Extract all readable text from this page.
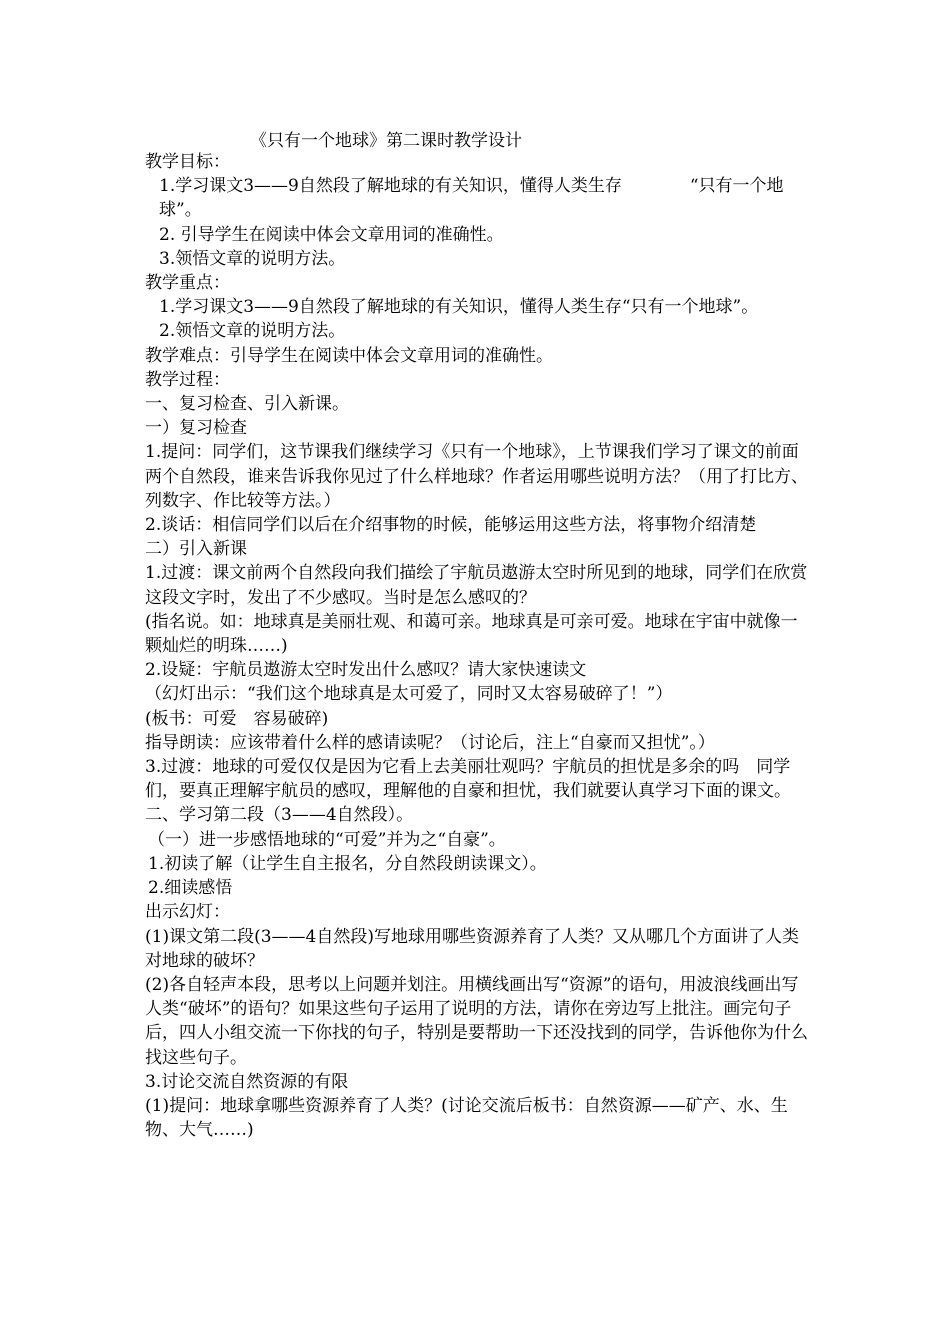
《只有一个地球》第二课时教学设计

教学目标：

1.学习课文3——9自然段了解地球的有关知识，懂得人类生存　　　　“只有一个地球”。

2. 引导学生在阅读中体会文章用词的准确性。

3.领悟文章的说明方法。

教学重点：

1.学习课文3——9自然段了解地球的有关知识，懂得人类生存“只有一个地球”。

2.领悟文章的说明方法。

教学难点：引导学生在阅读中体会文章用词的准确性。

教学过程：

一、复习检查、引入新课。

一）复习检查

1.提问：同学们，这节课我们继续学习《只有一个地球》，上节课我们学习了课文的前面两个自然段，谁来告诉我你见过了什么样地球？作者运用哪些说明方法？（用了打比方、列数字、作比较等方法。）

2.谈话：相信同学们以后在介绍事物的时候，能够运用这些方法，将事物介绍清楚

二）引入新课

1.过渡：课文前两个自然段向我们描绘了宇航员遨游太空时所见到的地球，同学们在欣赏这段文字时，发出了不少感叹。当时是怎么感叹的？

(指名说。如：地球真是美丽壮观、和蔼可亲。地球真是可亲可爱。地球在宇宙中就像一颗灿烂的明珠……)

2.设疑：宇航员遨游太空时发出什么感叹？请大家快速读文

（幻灯出示：“我们这个地球真是太可爱了，同时又太容易破碎了！”）

(板书：可爱　容易破碎)

指导朗读：应该带着什么样的感请读呢？（讨论后，注上“自豪而又担忧”。）

3.过渡：地球的可爱仅仅是因为它看上去美丽壮观吗？宇航员的担忧是多余的吗　同学们，要真正理解宇航员的感叹，理解他的自豪和担忧，我们就要认真学习下面的课文。

二、学习第二段（3——4自然段）。

（一）进一步感悟地球的“可爱”并为之“自豪”。

1.初读了解（让学生自主报名，分自然段朗读课文）。

2.细读感悟

出示幻灯：

(1)课文第二段(3——4自然段)写地球用哪些资源养育了人类？又从哪几个方面讲了人类对地球的破坏？

(2)各自轻声本段，思考以上问题并划注。用横线画出写“资源”的语句，用波浪线画出写人类“破坏”的语句？如果这些句子运用了说明的方法，请你在旁边写上批注。画完句子后，四人小组交流一下你找的句子，特别是要帮助一下还没找到的同学，告诉他你为什么找这些句子。

3.讨论交流自然资源的有限

(1)提问：地球拿哪些资源养育了人类？(讨论交流后板书：自然资源——矿产、水、生物、大气……)
